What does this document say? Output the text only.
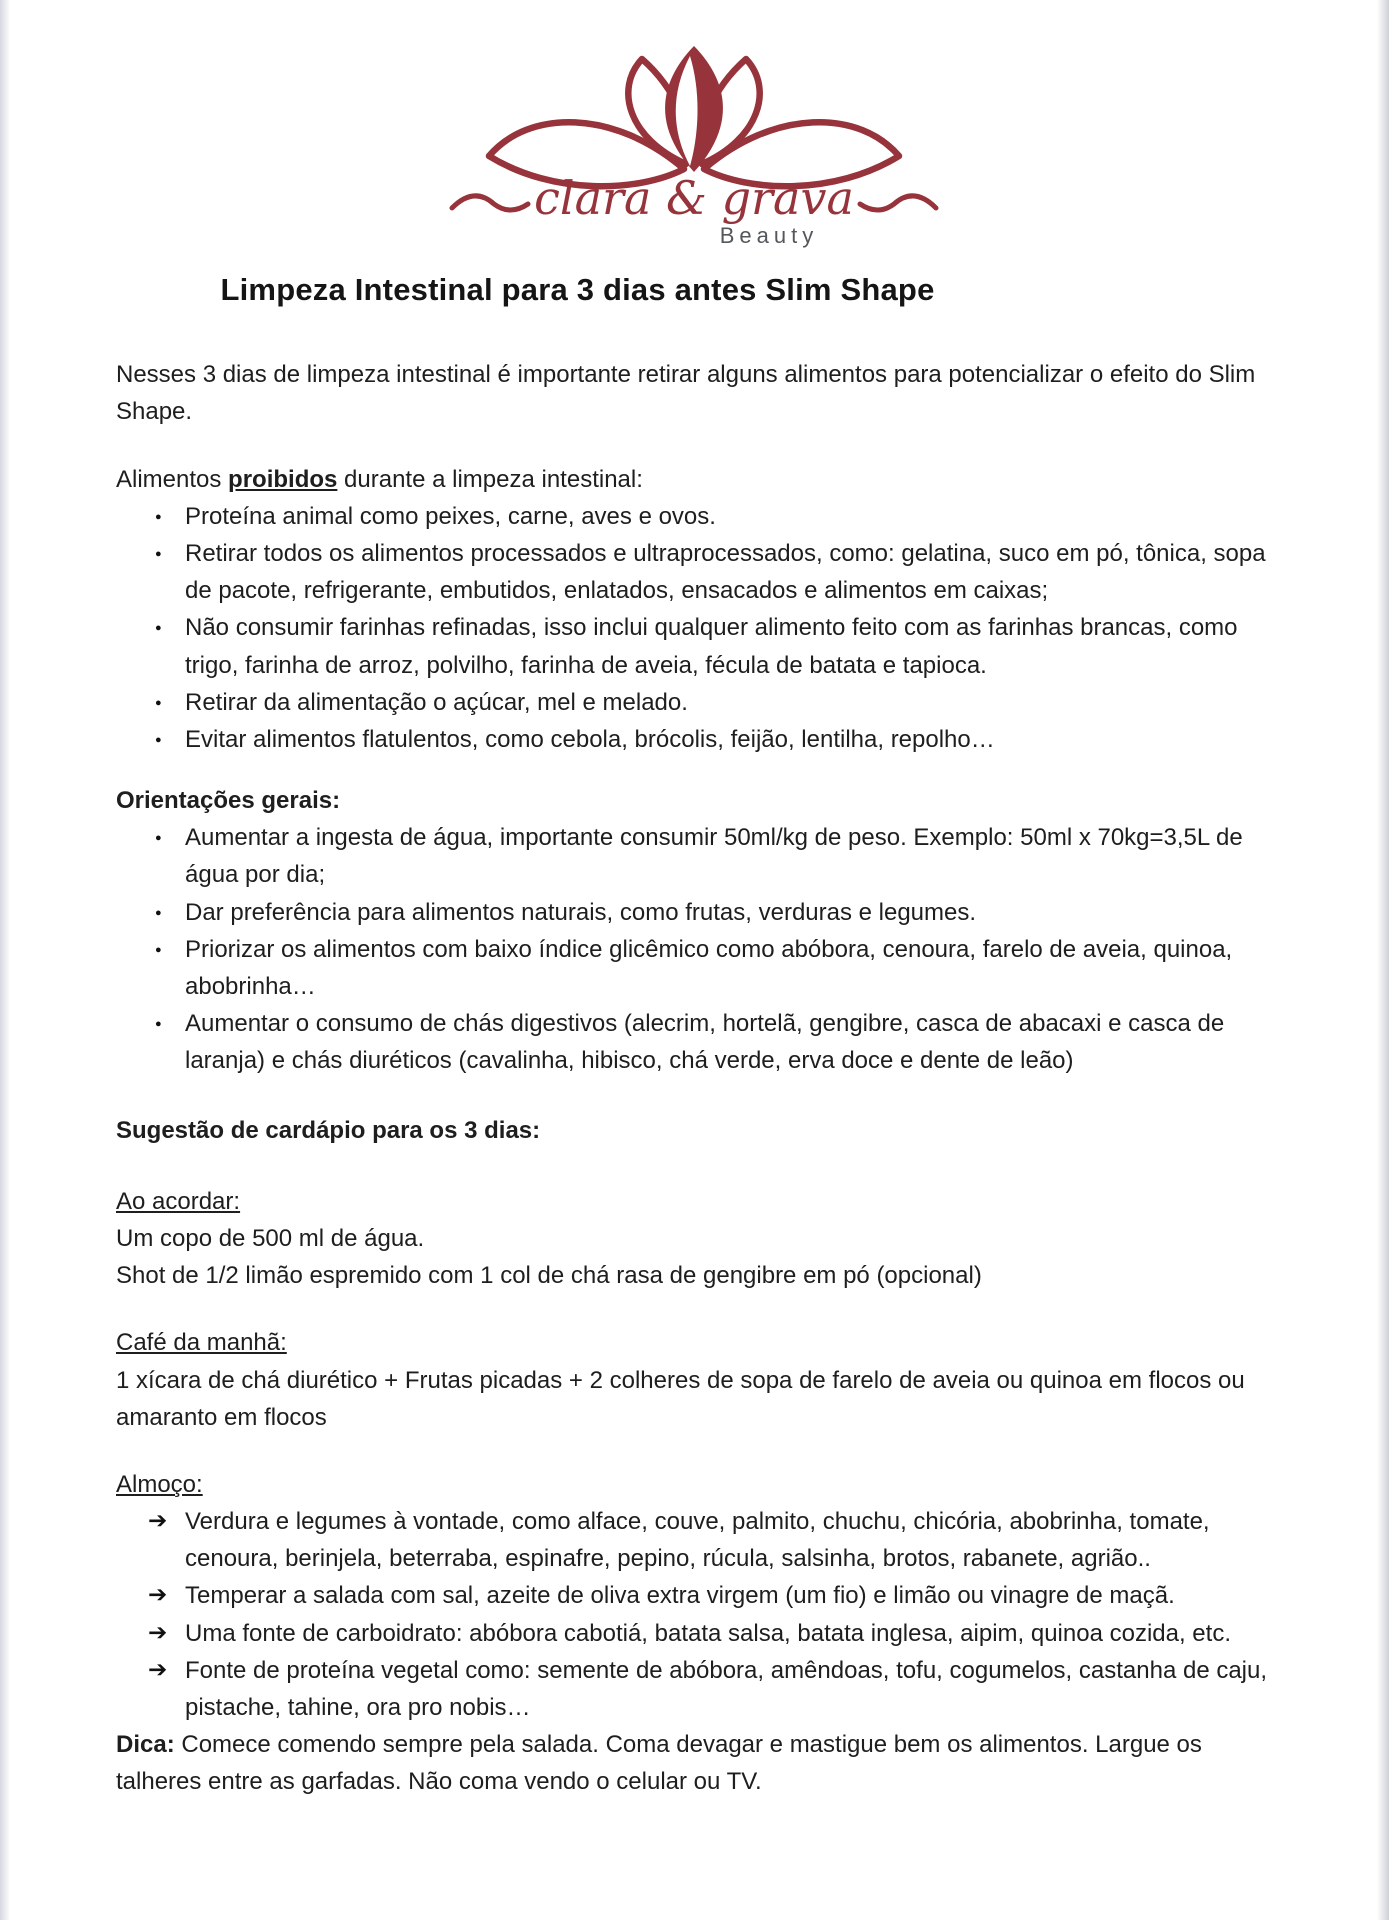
clara & grava
Beauty
Limpeza Intestinal para 3 dias antes Slim Shape

Nesses 3 dias de limpeza intestinal é importante retirar alguns alimentos para potencializar o efeito do Slim Shape.

Alimentos proibidos durante a limpeza intestinal:

● Proteína animal como peixes, carne, aves e ovos.
● Retirar todos os alimentos processados e ultraprocessados, como: gelatina, suco em pó, tônica, sopa de pacote, refrigerante, embutidos, enlatados, ensacados e alimentos em caixas;
● Não consumir farinhas refinadas, isso inclui qualquer alimento feito com as farinhas brancas, como trigo, farinha de arroz, polvilho, farinha de aveia, fécula de batata e tapioca.
● Retirar da alimentação o açúcar, mel e melado.
● Evitar alimentos flatulentos, como cebola, brócolis, feijão, lentilha, repolho…

Orientações gerais:

● Aumentar a ingesta de água, importante consumir 50ml/kg de peso. Exemplo: 50ml x 70kg=3,5L de água por dia;
● Dar preferência para alimentos naturais, como frutas, verduras e legumes.
● Priorizar os alimentos com baixo índice glicêmico como abóbora, cenoura, farelo de aveia, quinoa, abobrinha…
● Aumentar o consumo de chás digestivos (alecrim, hortelã, gengibre, casca de abacaxi e casca de laranja) e chás diuréticos (cavalinha, hibisco, chá verde, erva doce e dente de leão)

Sugestão de cardápio para os 3 dias:

Ao acordar:

Um copo de 500 ml de água.

Shot de 1/2 limão espremido com 1 col de chá rasa de gengibre em pó (opcional)

Café da manhã:

1 xícara de chá diurético + Frutas picadas + 2 colheres de sopa de farelo de aveia ou quinoa em flocos ou amaranto em flocos

Almoço:

➔ Verdura e legumes à vontade, como alface, couve, palmito, chuchu, chicória, abobrinha, tomate, cenoura, berinjela, beterraba, espinafre, pepino, rúcula, salsinha, brotos, rabanete, agrião..
➔ Temperar a salada com sal, azeite de oliva extra virgem (um fio) e limão ou vinagre de maçã.
➔ Uma fonte de carboidrato: abóbora cabotiá, batata salsa, batata inglesa, aipim, quinoa cozida, etc.
➔ Fonte de proteína vegetal como: semente de abóbora, amêndoas, tofu, cogumelos, castanha de caju, pistache, tahine, ora pro nobis…

Dica: Comece comendo sempre pela salada. Coma devagar e mastigue bem os alimentos. Largue os talheres entre as garfadas. Não coma vendo o celular ou TV.
